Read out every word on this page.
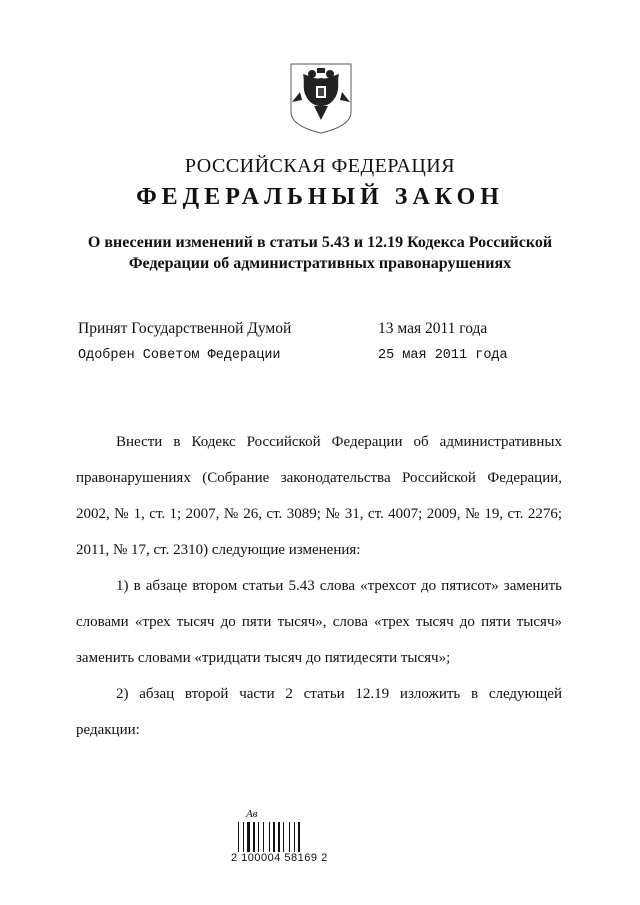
РОССИЙСКАЯ ФЕДЕРАЦИЯ
ФЕДЕРАЛЬНЫЙ ЗАКОН
О внесении изменений в статьи 5.43 и 12.19 Кодекса Российской
Федерации об административных правонарушениях
Принят Государственной Думой	13 мая 2011 года
Одобрен Советом Федерации	25 мая 2011 года
Внести в Кодекс Российской Федерации об административных правонарушениях (Собрание законодательства Российской Федерации, 2002, № 1, ст. 1; 2007, № 26, ст. 3089; № 31, ст. 4007; 2009, № 19, ст. 2276; 2011, № 17, ст. 2310) следующие изменения:
1) в абзаце втором статьи 5.43 слова «трехсот до пятисот» заменить словами «трех тысяч до пяти тысяч», слова «трех тысяч до пяти тысяч» заменить словами «тридцати тысяч до пятидесяти тысяч»;
2) абзац второй части 2 статьи 12.19 изложить в следующей редакции:
Ав
2 100004 58169 2
